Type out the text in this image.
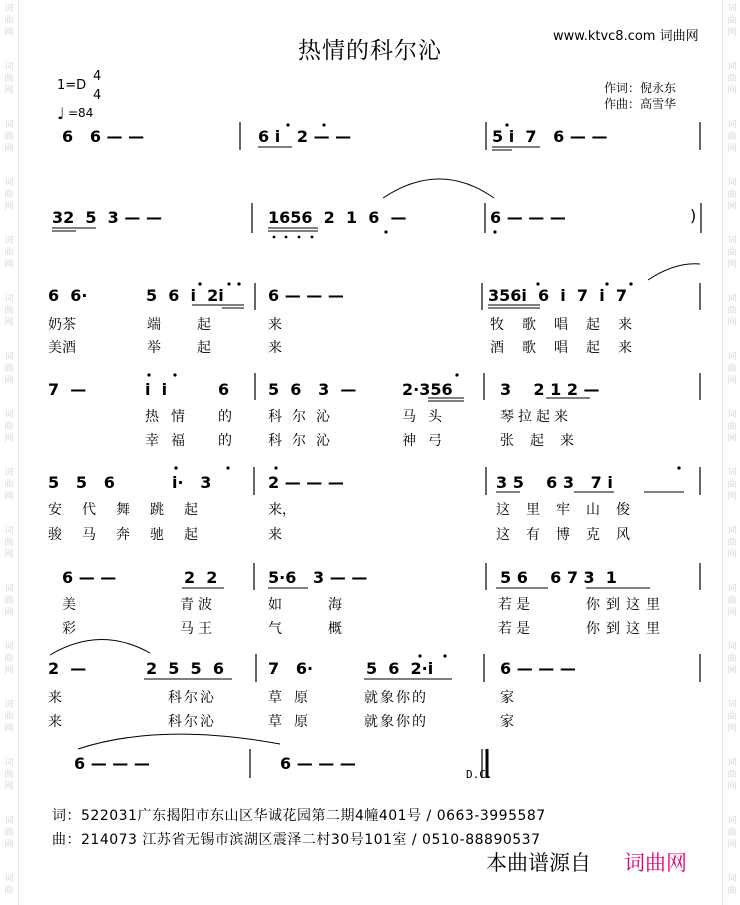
词
曲
网
词
曲
网
词
曲
网
词
曲
网
词
曲
网
词
曲
网
词
曲
网
词
曲
网
词
曲
网
词
曲
网
词
曲
网
词
曲
网
词
曲
网
词
曲
网
词
曲
网
词
曲
词
曲
网
词
曲
网
词
曲
网
词
曲
网
词
曲
网
词
曲
网
词
曲
网
词
曲
网
词
曲
网
词
曲
网
词
曲
网
词
曲
网
词
曲
网
词
曲
网
词
曲
网
词
曲
热情的科尔沁
www.ktvc8.com 词曲网
1=D
4
4
♩ =84
作词：倪永东
作曲：高雪华
6   6 — —	6 i   2 — —	5 i  7   6 — —
32  5  3 — —	1656  2  1  6  —	6 — — —	)
6  6·	5  6  i  2i	6 — — —	356i  6  i  7  i  7
奶茶	端	起	来	牧歌唱起来
美酒	举	起	来	酒歌唱起来
7  —	i  i	6 5  6   3  —	2·356	3    2 1 2 —
热情 的	科尔沁	马头	琴拉起来
幸福 的	科尔沁	神弓	张起来
5   5   6	i·   3	2 — — —	3 5    6 3   7 i
安代舞跳起	来，	这里牢山俊
骏马奔驰起	来	这有博克风
6 — —	2  2	5·6   3 — —	5 6    6 7 3  1
美	青波	如	海	若是	你到这里
彩	马王	气	概	若是	你到这里
2  —	2  5  5  6	7   6·	5  6  2·i	6 — — —
来	科尔沁	草原	就象你的	家
来	科尔沁	草原	就象你的	家
6 — — —	6 — — —
D.C.
词：522031广东揭阳市东山区华诚花园第二期4幢401号 / 0663-3995587
曲：214073 江苏省无锡市滨湖区震泽二村30号101室 / 0510-88890537
本曲谱源自 词曲网
